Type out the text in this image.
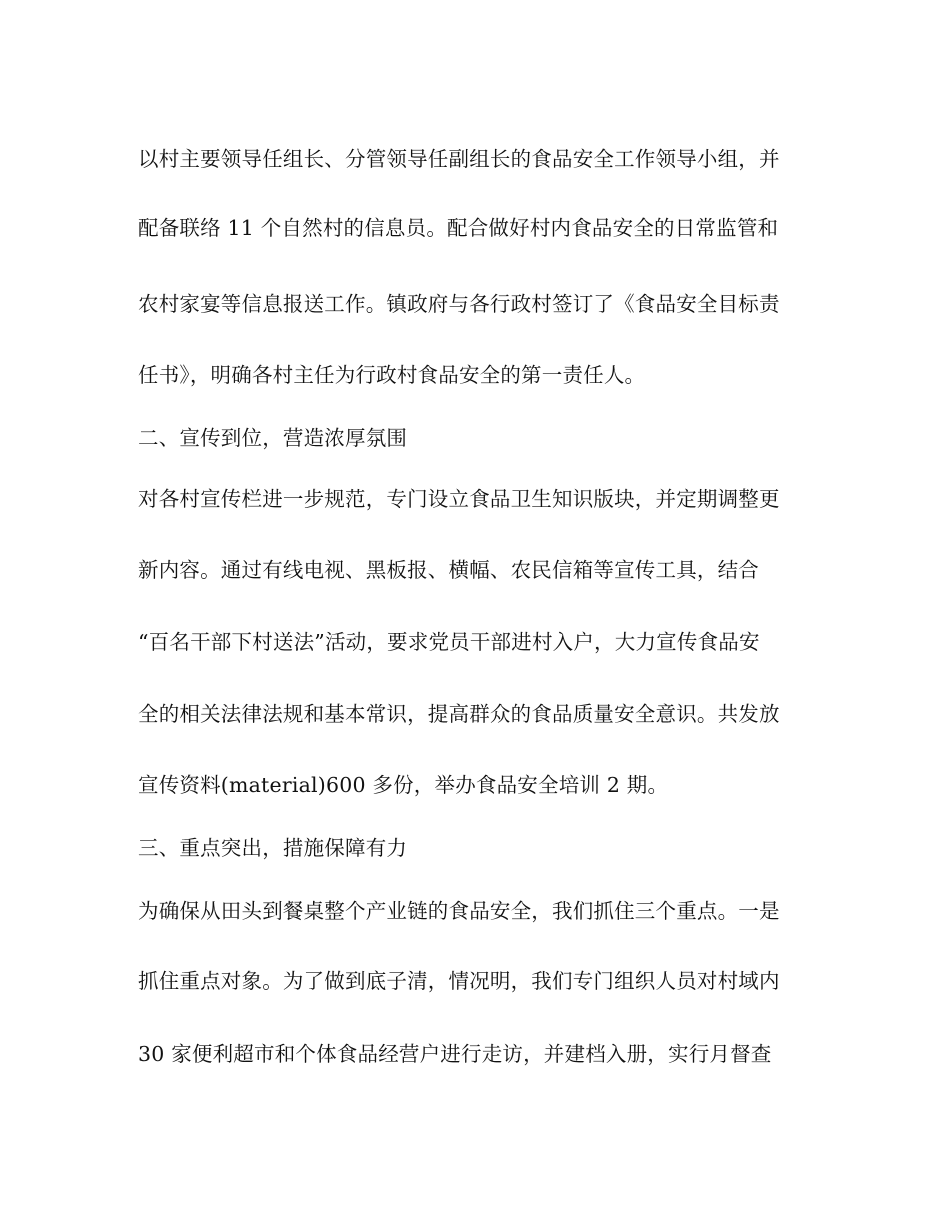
以村主要领导任组长、分管领导任副组长的食品安全工作领导小组，并

配备联络 11 个自然村的信息员。配合做好村内食品安全的日常监管和

农村家宴等信息报送工作。镇政府与各行政村签订了《食品安全目标责

任书》，明确各村主任为行政村食品安全的第一责任人。

二、宣传到位，营造浓厚氛围

对各村宣传栏进一步规范，专门设立食品卫生知识版块，并定期调整更

新内容。通过有线电视、黑板报、横幅、农民信箱等宣传工具，结合

“百名干部下村送法”活动，要求党员干部进村入户，大力宣传食品安

全的相关法律法规和基本常识，提高群众的食品质量安全意识。共发放

宣传资料(material)600 多份，举办食品安全培训 2 期。

三、重点突出，措施保障有力

为确保从田头到餐桌整个产业链的食品安全，我们抓住三个重点。一是

抓住重点对象。为了做到底子清，情况明，我们专门组织人员对村域内

30 家便利超市和个体食品经营户进行走访，并建档入册，实行月督查
